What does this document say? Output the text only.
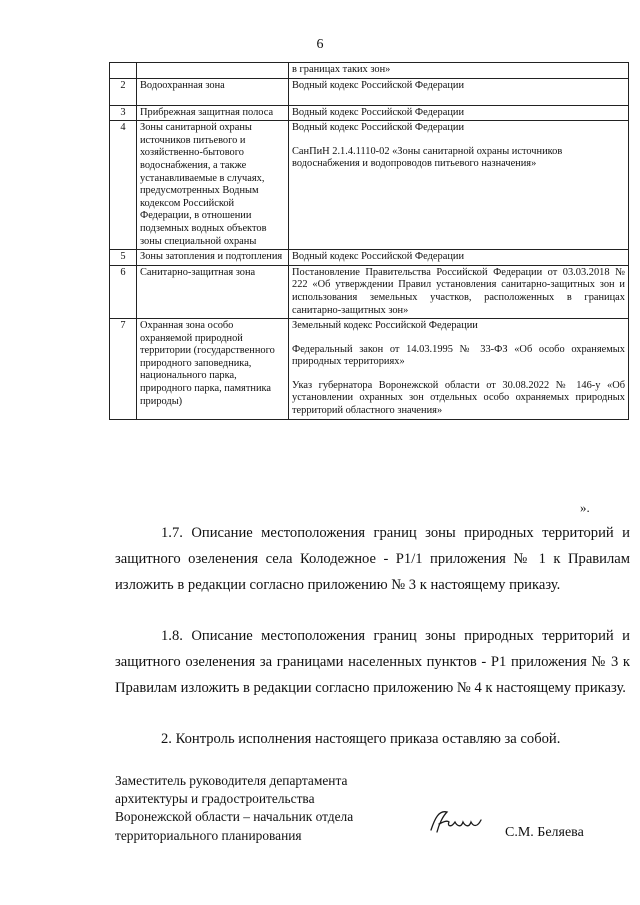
6

		в границах таких зон»

2	Водоохранная зона	Водный кодекс Российской Федерации

3	Прибрежная защитная полоса	Водный кодекс Российской Федерации

4	Зоны санитарной охраны источников питьевого и хозяйственно-бытового водоснабжения, а также устанавливаемые в случаях, предусмотренных Водным кодексом Российской Федерации, в отношении подземных водных объектов зоны специальной охраны	Водный кодекс Российской Федерации
СанПиН 2.1.4.1110-02 «Зоны санитарной охраны источников водоснабжения и водопроводов питьевого назначения»

5	Зоны затопления и подтопления	Водный кодекс Российской Федерации

6	Санитарно-защитная зона	Постановление Правительства Российской Федерации от 03.03.2018 № 222 «Об утверждении Правил установления санитарно-защитных зон и использования земельных участков, расположенных в границах санитарно-защитных зон»

7	Охранная зона особо охраняемой природной территории (государственного природного заповедника, национального парка, природного парка, памятника природы)	Земельный кодекс Российской Федерации
Федеральный закон от 14.03.1995 № 33-ФЗ «Об особо охраняемых природных территориях»
Указ губернатора Воронежской области от 30.08.2022 № 146-у «Об установлении охранных зон отдельных особо охраняемых природных территорий областного значения»
».

1.7. Описание местоположения границ зоны природных территорий и защитного озеленения села Колодежное - Р1/1 приложения № 1 к Правилам изложить в редакции согласно приложению № 3 к настоящему приказу.

1.8. Описание местоположения границ зоны природных территорий и защитного озеленения за границами населенных пунктов - Р1 приложения № 3 к Правилам изложить в редакции согласно приложению № 4 к настоящему приказу.

2. Контроль исполнения настоящего приказа оставляю за собой.

Заместитель руководителя департамента
архитектуры и градостроительства
Воронежской области – начальник отдела
территориального планирования	С.М. Беляева
